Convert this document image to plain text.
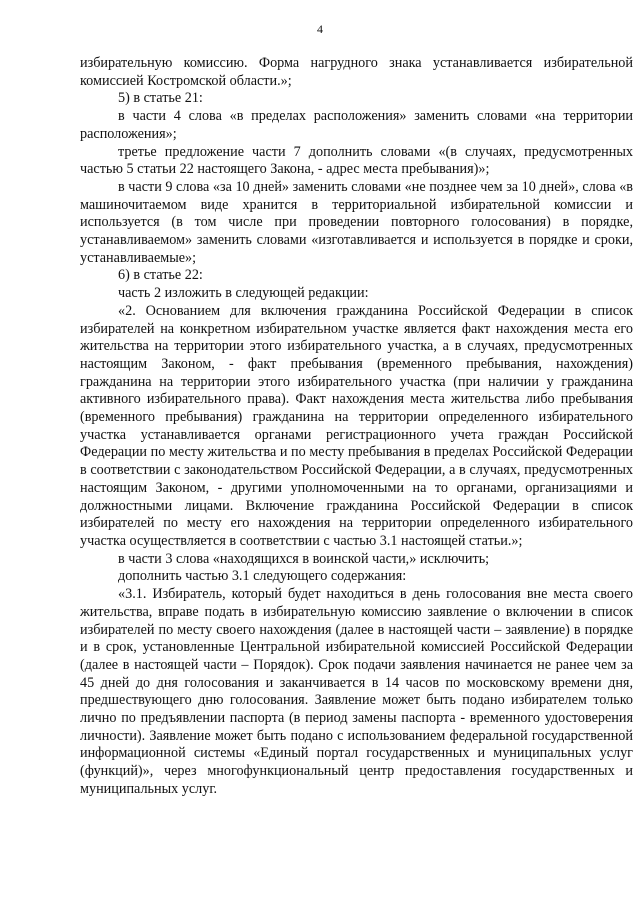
4

избирательную комиссию. Форма нагрудного знака устанавливается избирательной комиссией Костромской области.»;

5) в статье 21:

в части 4 слова «в пределах расположения» заменить словами «на территории расположения»;

третье предложение части 7 дополнить словами «(в случаях, предусмотренных частью 5 статьи 22 настоящего Закона, - адрес места пребывания)»;

в части 9 слова «за 10 дней» заменить словами «не позднее чем за 10 дней», слова «в машиночитаемом виде хранится в территориальной избирательной комиссии и используется (в том числе при проведении повторного голосования) в порядке, устанавливаемом» заменить словами «изготавливается и используется в порядке и сроки, устанавливаемые»;

6) в статье 22:

часть 2 изложить в следующей редакции:

«2. Основанием для включения гражданина Российской Федерации в список избирателей на конкретном избирательном участке является факт нахождения места его жительства на территории этого избирательного участка, а в случаях, предусмотренных настоящим Законом, - факт пребывания (временного пребывания, нахождения) гражданина на территории этого избирательного участка (при наличии у гражданина активного избирательного права). Факт нахождения места жительства либо пребывания (временного пребывания) гражданина на территории определенного избирательного участка устанавливается органами регистрационного учета граждан Российской Федерации по месту жительства и по месту пребывания в пределах Российской Федерации в соответствии с законодательством Российской Федерации, а в случаях, предусмотренных настоящим Законом, - другими уполномоченными на то органами, организациями и должностными лицами. Включение гражданина Российской Федерации в список избирателей по месту его нахождения на территории определенного избирательного участка осуществляется в соответствии с частью 3.1 настоящей статьи.»;

в части 3 слова «находящихся в воинской части,» исключить;

дополнить частью 3.1 следующего содержания:

«3.1. Избиратель, который будет находиться в день голосования вне места своего жительства, вправе подать в избирательную комиссию заявление о включении в список избирателей по месту своего нахождения (далее в настоящей части – заявление) в порядке и в срок, установленные Центральной избирательной комиссией Российской Федерации (далее в настоящей части – Порядок). Срок подачи заявления начинается не ранее чем за 45 дней до дня голосования и заканчивается в 14 часов по московскому времени дня, предшествующего дню голосования. Заявление может быть подано избирателем только лично по предъявлении паспорта (в период замены паспорта - временного удостоверения личности). Заявление может быть подано с использованием федеральной государственной информационной системы «Единый портал государственных и муниципальных услуг (функций)», через многофункциональный центр предоставления государственных и муниципальных услуг.
